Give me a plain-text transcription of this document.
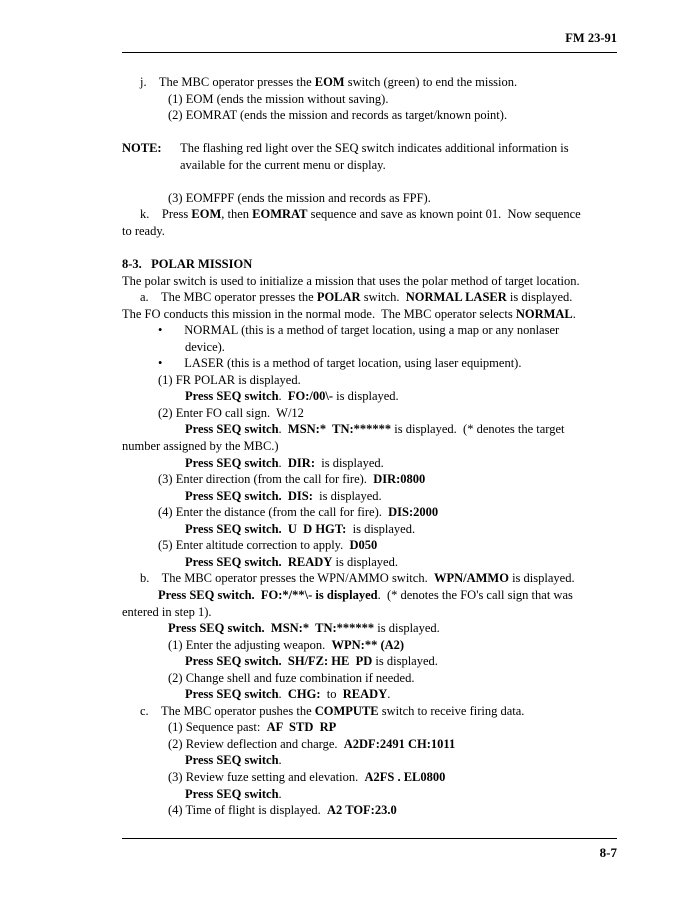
FM 23-91
j.    The MBC operator presses the EOM switch (green) to end the mission.
(1) EOM (ends the mission without saving).
(2) EOMRAT (ends the mission and records as target/known point).

NOTE:      The flashing red light over the SEQ switch indicates additional information is
available for the current menu or display.

(3) EOMFPF (ends the mission and records as FPF).
k.    Press EOM, then EOMRAT sequence and save as known point 01.  Now sequence
to ready.

8-3.   POLAR MISSION
The polar switch is used to initialize a mission that uses the polar method of target location.
a.    The MBC operator presses the POLAR switch.  NORMAL LASER is displayed.
The FO conducts this mission in the normal mode.  The MBC operator selects NORMAL.
•       NORMAL (this is a method of target location, using a map or any nonlaser
device).
•       LASER (this is a method of target location, using laser equipment).
(1) FR POLAR is displayed.
Press SEQ switch.  FO:/00\- is displayed.
(2) Enter FO call sign.  W/12
Press SEQ switch.  MSN:*  TN:****** is displayed.  (* denotes the target
number assigned by the MBC.)
Press SEQ switch.  DIR:  is displayed.
(3) Enter direction (from the call for fire).  DIR:0800
Press SEQ switch.  DIS:  is displayed.
(4) Enter the distance (from the call for fire).  DIS:2000
Press SEQ switch.  U  D HGT:  is displayed.
(5) Enter altitude correction to apply.  D050
Press SEQ switch.  READY is displayed.
b.    The MBC operator presses the WPN/AMMO switch.  WPN/AMMO is displayed.
Press SEQ switch.  FO:*/**\- is displayed.  (* denotes the FO's call sign that was
entered in step 1).
Press SEQ switch.  MSN:*  TN:****** is displayed.
(1) Enter the adjusting weapon.  WPN:** (A2)
Press SEQ switch.  SH/FZ: HE  PD is displayed.
(2) Change shell and fuze combination if needed.
Press SEQ switch.  CHG:  to  READY.
c.    The MBC operator pushes the COMPUTE switch to receive firing data.
(1) Sequence past:  AF  STD  RP
(2) Review deflection and charge.  A2DF:2491 CH:1011
Press SEQ switch.
(3) Review fuze setting and elevation.  A2FS . EL0800
Press SEQ switch.
(4) Time of flight is displayed.  A2 TOF:23.0
8-7
